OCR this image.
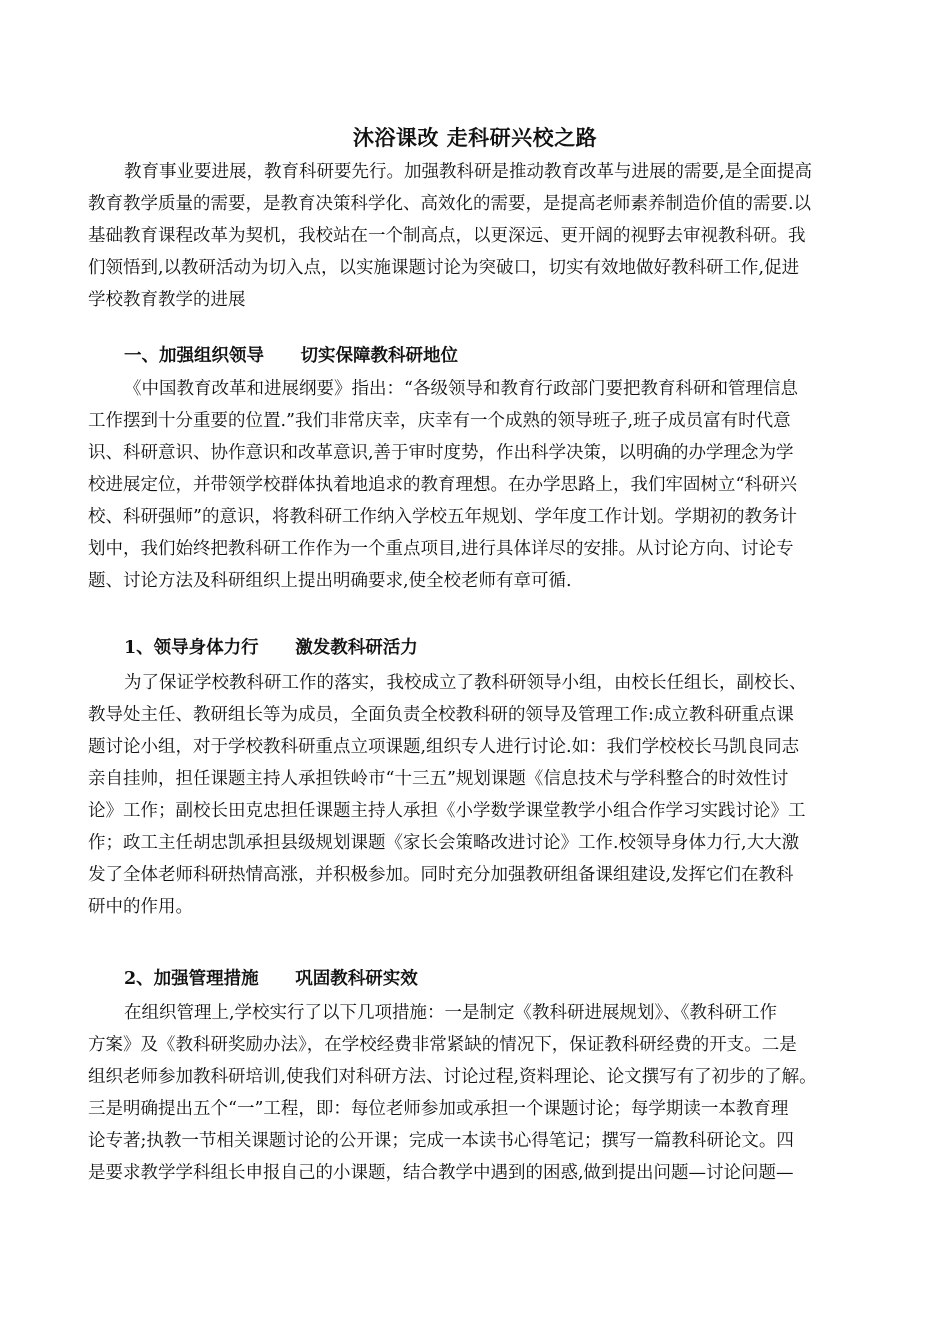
沐浴课改 走科研兴校之路
教育事业要进展，教育科研要先行。加强教科研是推动教育改革与进展的需要,是全面提高
教育教学质量的需要，是教育决策科学化、高效化的需要，是提高老师素养制造价值的需要.以
基础教育课程改革为契机，我校站在一个制高点，以更深远、更开阔的视野去审视教科研。我
们领悟到,以教研活动为切入点，以实施课题讨论为突破口，切实有效地做好教科研工作,促进
学校教育教学的进展
一、加强组织领导      切实保障教科研地位
《中国教育改革和进展纲要》指出：“各级领导和教育行政部门要把教育科研和管理信息
工作摆到十分重要的位置.”我们非常庆幸，庆幸有一个成熟的领导班子,班子成员富有时代意
识、科研意识、协作意识和改革意识,善于审时度势，作出科学决策，以明确的办学理念为学
校进展定位，并带领学校群体执着地追求的教育理想。在办学思路上，我们牢固树立“科研兴
校、科研强师”的意识，将教科研工作纳入学校五年规划、学年度工作计划。学期初的教务计
划中，我们始终把教科研工作作为一个重点项目,进行具体详尽的安排。从讨论方向、讨论专
题、讨论方法及科研组织上提出明确要求,使全校老师有章可循.
1、领导身体力行      激发教科研活力
为了保证学校教科研工作的落实，我校成立了教科研领导小组，由校长任组长，副校长、
教导处主任、教研组长等为成员，全面负责全校教科研的领导及管理工作:成立教科研重点课
题讨论小组，对于学校教科研重点立项课题,组织专人进行讨论.如：我们学校校长马凯良同志
亲自挂帅，担任课题主持人承担铁岭市“十三五”规划课题《信息技术与学科整合的时效性讨
论》工作；副校长田克忠担任课题主持人承担《小学数学课堂教学小组合作学习实践讨论》工
作；政工主任胡忠凯承担县级规划课题《家长会策略改进讨论》工作.校领导身体力行,大大激
发了全体老师科研热情高涨，并积极参加。同时充分加强教研组备课组建设,发挥它们在教科
研中的作用。
2、加强管理措施      巩固教科研实效
在组织管理上,学校实行了以下几项措施：一是制定《教科研进展规划》、《教科研工作
方案》及《教科研奖励办法》，在学校经费非常紧缺的情况下，保证教科研经费的开支。二是
组织老师参加教科研培训,使我们对科研方法、讨论过程,资料理论、论文撰写有了初步的了解。
三是明确提出五个“一”工程，即：每位老师参加或承担一个课题讨论；每学期读一本教育理
论专著;执教一节相关课题讨论的公开课；完成一本读书心得笔记；撰写一篇教科研论文。四
是要求教学学科组长申报自己的小课题，结合教学中遇到的困惑,做到提出问题—讨论问题—
